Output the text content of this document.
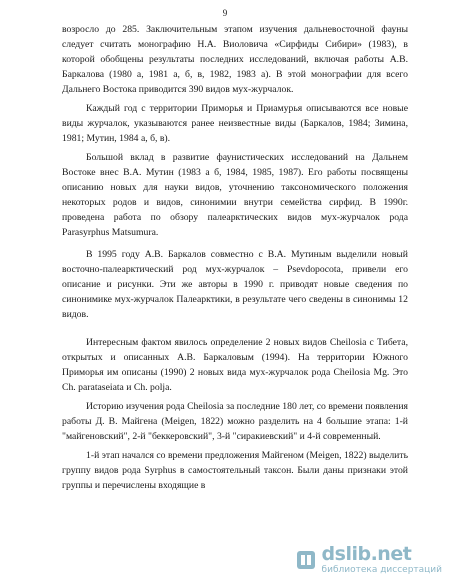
9

возросло до 285. Заключительным этапом изучения дальневосточной фауны следует считать монографию Н.А. Виоловича «Сирфиды Сибири» (1983), в которой обобщены результаты последних исследований, включая работы А.В. Баркалова (1980 а, 1981 а, б, в, 1982, 1983 а). В этой монографии для всего Дальнего Востока приводится 390 видов мух-журчалок.

Каждый год с территории Приморья и Приамурья описываются все новые виды журчалок, указываются ранее неизвестные виды (Баркалов, 1984; Зимина, 1981; Мутин, 1984 а, б, в).

Большой вклад в развитие фаунистических исследований на Дальнем Востоке внес В.А. Мутин (1983 а б, 1984, 1985, 1987). Его работы посвящены описанию новых для науки видов, уточнению таксономического положения некоторых родов и видов, синонимии внутри семейства сирфид. В 1990г. проведена работа по обзору палеарктических видов мух-журчалок рода Parasyrphus Matsumura.

В 1995 году А.В. Баркалов совместно с В.А. Мутиным выделили новый восточно-палеарктический род мух-журчалок – Psevdopocota, привели его описание и рисунки. Эти же авторы в 1990 г. приводят новые сведения по синонимике мух-журчалок Палеарктики, в результате чего сведены в синонимы 12 видов.

Интересным фактом явилось определение 2 новых видов Cheilosia с Тибета, открытых и описанных А.В. Баркаловым (1994). На территории Южного Приморья им описаны (1990) 2 новых вида мух-журчалок рода Cheilosia Mg. Это Ch. parataseiata и Ch. polja.

Историю изучения рода Cheilosia за последние 180 лет, со времени появления работы Д. В. Майгена (Meigen, 1822) можно разделить на 4 большие этапа: 1-й "майгеновский", 2-й "беккеровский", 3-й "сиракиевский" и 4-й современный.

1-й этап начался со времени предложения Майгеном (Meigen, 1822) выделить группу видов рода Syrphus в самостоятельный таксон. Были даны признаки этой группы и перечислены входящие в

dslib.net
библиотека диссертаций
